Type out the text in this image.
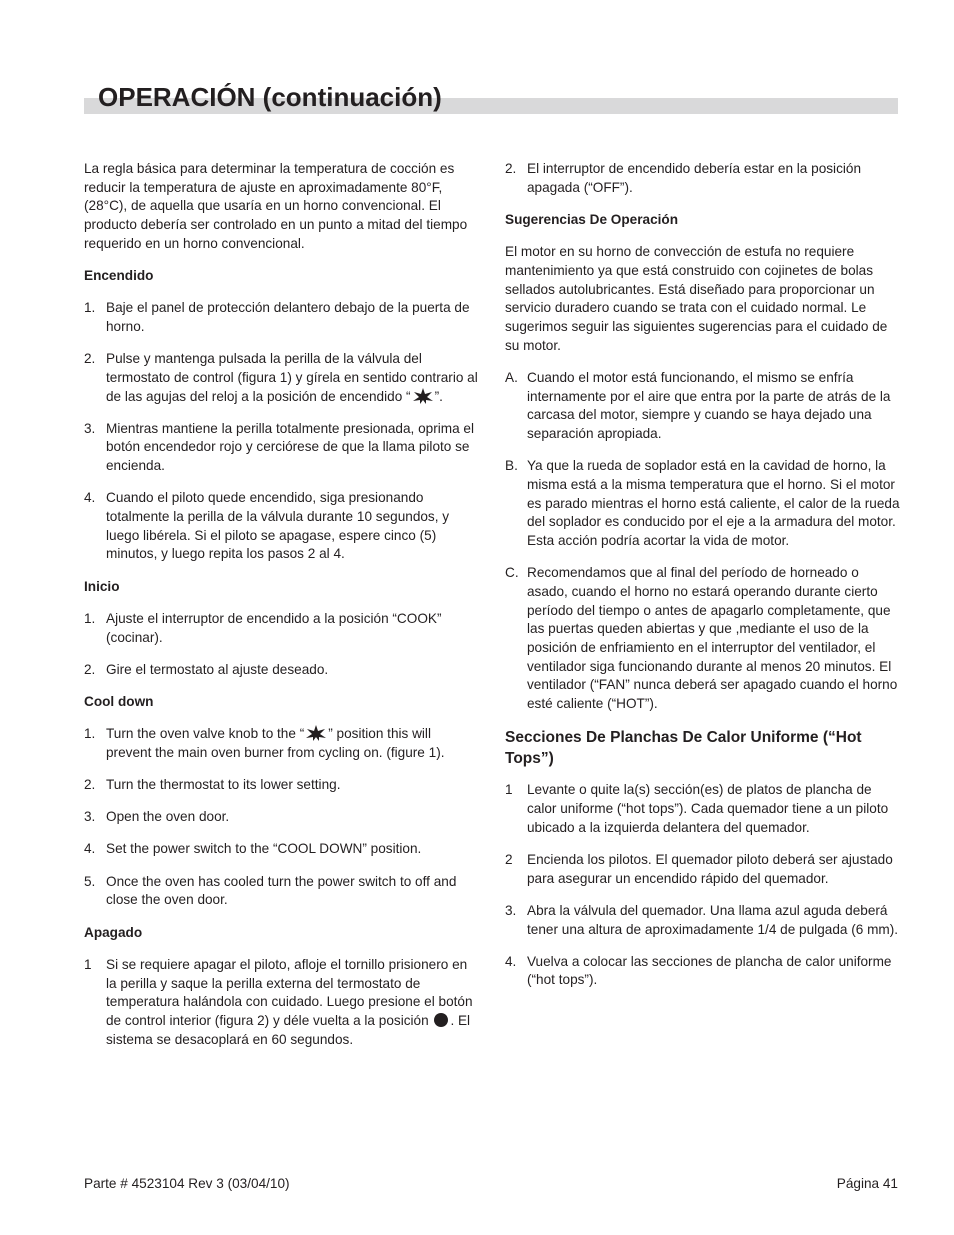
OPERACIÓN (continuación)

La regla básica para determinar la temperatura de cocción es reducir la temperatura de ajuste en aproximadamente 80°F, (28°C), de aquella que usaría en un horno convencional. El producto debería ser controlado en un punto a mitad del tiempo requerido en un horno convencional.

Encendido
1. Baje el panel de protección delantero debajo de la puerta de horno.
2. Pulse y mantenga pulsada la perilla de la válvula del termostato de control (figura 1) y gírela en sentido contrario al de las agujas del reloj a la posición de encendido “ ”.
3. Mientras mantiene la perilla totalmente presionada, oprima el botón encendedor rojo y cerciórese de que la llama piloto se encienda.
4. Cuando el piloto quede encendido, siga presionando totalmente la perilla de la válvula durante 10 segundos, y luego libérela. Si el piloto se apagase, espere cinco (5) minutos, y luego repita los pasos 2 al 4.
Inicio
1. Ajuste el interruptor de encendido a la posición “COOK” (cocinar).
2. Gire el termostato al ajuste deseado.
Cool down
1. Turn the oven valve knob to the “ ” position this will prevent the main oven burner from cycling on. (figure 1).
2. Turn the thermostat to its lower setting.
3. Open the oven door.
4. Set the power switch to the “COOL DOWN” position.
5. Once the oven has cooled turn the power switch to off and close the oven door.
Apagado
1	Si se requiere apagar el piloto, afloje el tornillo prisionero en la perilla y saque la perilla externa del termostato de temperatura halándola con cuidado. Luego presione el botón de control interior (figura 2) y déle vuelta a la posición . El sistema se desacoplará en 60 segundos.
2. El interruptor de encendido debería estar en la posición apagada (“OFF”).
Sugerencias De Operación

El motor en su horno de convección de estufa no requiere mantenimiento ya que está construido con cojinetes de bolas sellados autolubricantes. Está diseñado para proporcionar un servicio duradero cuando se trata con el cuidado normal. Le sugerimos seguir las siguientes sugerencias para el cuidado de su motor.

A. Cuando el motor está funcionando, el mismo se enfría internamente por el aire que entra por la parte de atrás de la carcasa del motor, siempre y cuando se haya dejado una separación apropiada.
B. Ya que la rueda de soplador está en la cavidad de horno, la misma está a la misma temperatura que el horno. Si el motor es parado mientras el horno está caliente, el calor de la rueda del soplador es conducido por el eje a la armadura del motor. Esta acción podría acortar la vida de motor.
C. Recomendamos que al final del período de horneado o asado, cuando el horno no estará operando durante cierto período del tiempo o antes de apagarlo completamente, que las puertas queden abiertas y que ,mediante el uso de la posición de enfriamiento en el interruptor del ventilador, el ventilador siga funcionando durante al menos 20 minutos. El ventilador (“FAN” nunca deberá ser apagado cuando el horno esté caliente (“HOT”).
Secciones De Planchas De Calor Uniforme (“Hot Tops”)
1	Levante o quite la(s) sección(es) de platos de plancha de calor uniforme (“hot tops”). Cada quemador tiene a un piloto ubicado a la izquierda delantera del quemador.
2	Encienda los pilotos. El quemador piloto deberá ser ajustado para asegurar un encendido rápido del quemador.
3. Abra la válvula del quemador. Una llama azul aguda deberá tener una altura de aproximadamente 1/4 de pulgada (6 mm).
4. Vuelva a colocar las secciones de plancha de calor uniforme (“hot tops”).
Parte # 4523104 Rev 3 (03/04/10)	Página 41
